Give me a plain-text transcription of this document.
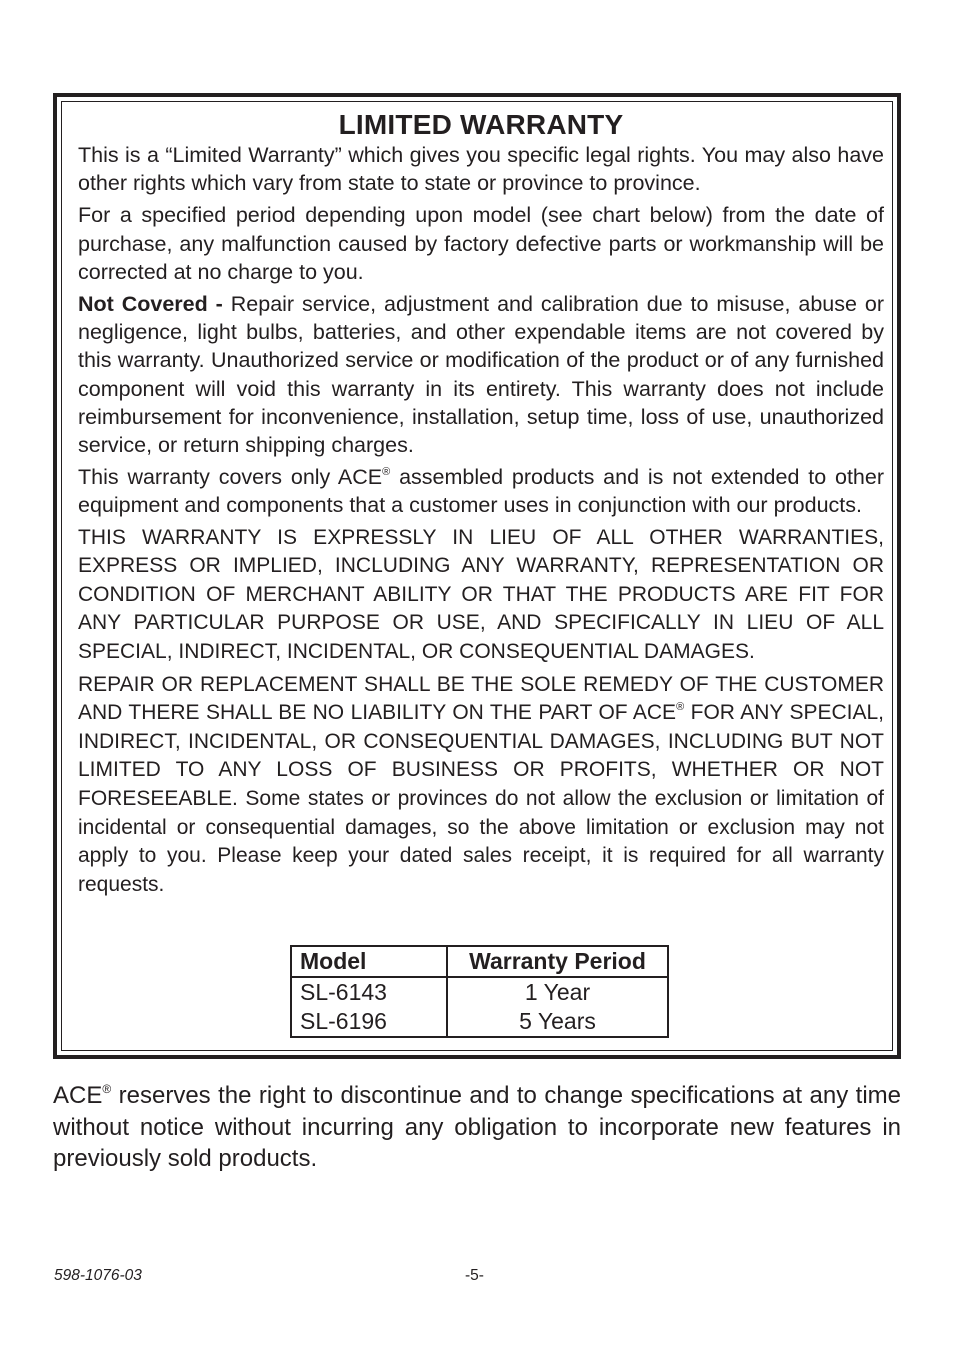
LIMITED WARRANTY

This is a “Limited Warranty” which gives you specific legal rights. You may also have other rights which vary from state to state or province to province.

For a specified period depending upon model (see chart below) from the date of purchase, any malfunction caused by factory defective parts or workmanship will be corrected at no charge to you.

Not Covered - Repair service, adjustment and calibration due to misuse, abuse or negligence, light bulbs, batteries, and other expendable items are not covered by this warranty. Unauthorized service or modification of the product or of any furnished component will void this warranty in its entirety. This warranty does not include reimbursement for inconvenience, installation, setup time, loss of use, unauthorized service, or return shipping charges.

This warranty covers only ACE® assembled products and is not extended to other equipment and components that a customer uses in conjunction with our products.

THIS WARRANTY IS EXPRESSLY IN LIEU OF ALL OTHER WARRANTIES, EXPRESS OR IMPLIED, INCLUDING ANY WARRANTY, REPRESENTATION OR CONDITION OF MERCHANT ABILITY OR THAT THE PRODUCTS ARE FIT FOR ANY PARTICULAR PURPOSE OR USE, AND SPECIFICALLY IN LIEU OF ALL SPECIAL, INDIRECT, INCIDENTAL, OR CONSEQUENTIAL DAMAGES.

REPAIR OR REPLACEMENT SHALL BE THE SOLE REMEDY OF THE CUSTOMER AND THERE SHALL BE NO LIABILITY ON THE PART OF ACE® FOR ANY SPECIAL, INDIRECT, INCIDENTAL, OR CONSEQUENTIAL DAMAGES, INCLUDING BUT NOT LIMITED TO ANY LOSS OF BUSINESS OR PROFITS, WHETHER OR NOT FORESEEABLE. Some states or provinces do not allow the exclusion or limitation of incidental or consequential damages, so the above limitation or exclusion may not apply to you. Please keep your dated sales receipt, it is required for all warranty requests.

Model	Warranty Period
SL-6143	1 Year
SL-6196	5 Years

ACE® reserves the right to discontinue and to change specifications at any time without notice without incurring any obligation to incorporate new features in previously sold products.

598-1076-03	-5-
